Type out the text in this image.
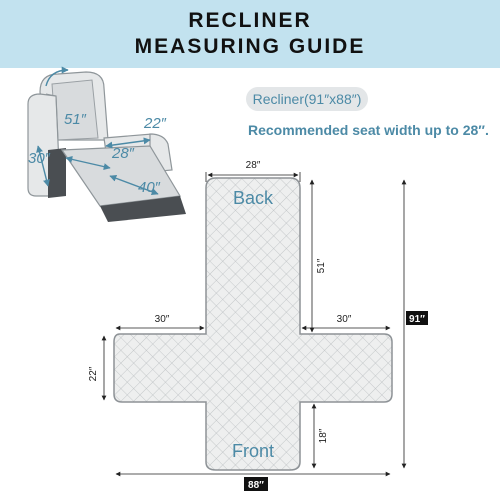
RECLINER
MEASURING GUIDE
Recliner(91″x88″)
Recommended seat width up to 28″.
51″	22″
30″	28″
40″
Back
Front
28″
51″
30″	30″
22″
18″
88″
91″
